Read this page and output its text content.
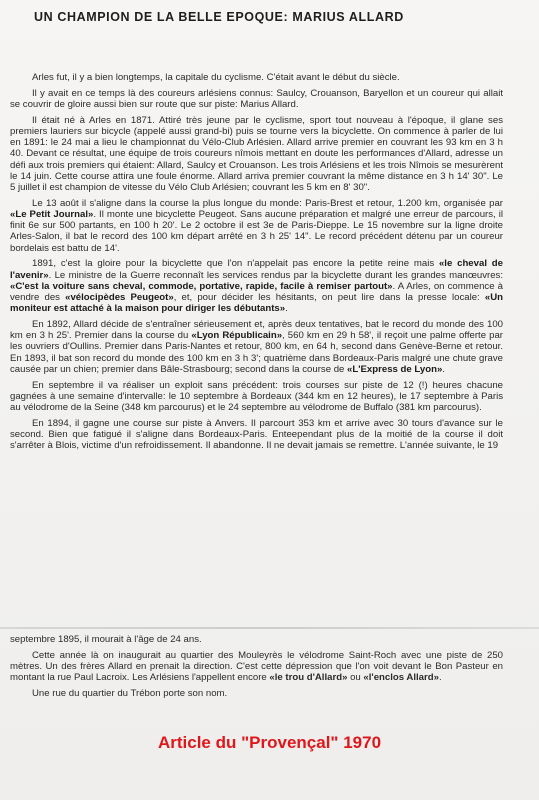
UN CHAMPION DE LA BELLE EPOQUE: MARIUS ALLARD

Arles fut, il y a bien longtemps, la capitale du cyclisme. C'était avant le début du siècle.

Il y avait en ce temps là des coureurs arlésiens connus: Saulcy, Crouanson, Baryellon et un coureur qui allait se couvrir de gloire aussi bien sur route que sur piste: Marius Allard.

Il était né à Arles en 1871. Attiré très jeune par le cyclisme, sport tout nouveau à l'époque, il glane ses premiers lauriers sur bicycle (appelé aussi grand-bi) puis se tourne vers la bicyclette. On commence à parler de lui en 1891: le 24 mai a lieu le championnat du Vélo-Club Arlésien. Allard arrive premier en couvrant les 93 km en 3 h 40. Devant ce résultat, une équipe de trois coureurs nîmois mettant en doute les performances d'Allard, adresse un défi aux trois premiers qui étaient: Allard, Saulcy et Crouanson. Les trois Arlésiens et les trois Nîmois se mesurèrent le 14 juin. Cette course attira une foule énorme. Allard arriva premier couvrant la même distance en 3 h 14' 30". Le 5 juillet il est champion de vitesse du Vélo Club Arlésien; couvrant les 5 km en 8' 30".

Le 13 août il s'aligne dans la course la plus longue du monde: Paris-Brest et retour, 1.200 km, organisée par «Le Petit Journal». Il monte une bicyclette Peugeot. Sans aucune préparation et malgré une erreur de parcours, il finit 6e sur 500 partants, en 100 h 20'. Le 2 octobre il est 3e de Paris-Dieppe. Le 15 novembre sur la ligne droite Arles-Salon, il bat le record des 100 km départ arrêté en 3 h 25' 14". Le record précédent détenu par un coureur bordelais est battu de 14'.

1891, c'est la gloire pour la bicyclette que l'on n'appelait pas encore la petite reine mais «le cheval de l'avenir». Le ministre de la Guerre reconnaît les services rendus par la bicyclette durant les grandes manœuvres: «C'est la voiture sans cheval, commode, portative, rapide, facile à remiser partout». A Arles, on commence à vendre des «vélocipèdes Peugeot», et, pour décider les hésitants, on peut lire dans la presse locale: «Un moniteur est attaché à la maison pour diriger les débutants».

En 1892, Allard décide de s'entraîner sérieusement et, après deux tentatives, bat le record du monde des 100 km en 3 h 25'. Premier dans la course du «Lyon Républicain», 560 km en 29 h 58', il reçoit une palme offerte par les ouvriers d'Oullins. Premier dans Paris-Nantes et retour, 800 km, en 64 h, second dans Genève-Berne et retour. En 1893, il bat son record du monde des 100 km en 3 h 3'; quatrième dans Bordeaux-Paris malgré une chute grave causée par un chien; premier dans Bâle-Strasbourg; second dans la course de «L'Express de Lyon».

En septembre il va réaliser un exploit sans précédent: trois courses sur piste de 12 (!) heures chacune gagnées à une semaine d'intervalle: le 10 septembre à Bordeaux (344 km en 12 heures), le 17 septembre à Paris au vélodrome de la Seine (348 km parcourus) et le 24 septembre au vélodrome de Buffalo (381 km parcourus).

En 1894, il gagne une course sur piste à Anvers. Il parcourt 353 km et arrive avec 30 tours d'avance sur le second. Bien que fatigué il s'aligne dans Bordeaux-Paris. Enteependant plus de la moitié de la course il doit s'arrêter à Blois, victime d'un refroidissement. Il abandonne. Il ne devait jamais se remettre. L'année suivante, le 19

septembre 1895, il mourait à l'âge de 24 ans.

Cette année là on inaugurait au quartier des Mouleyrès le vélodrome Saint-Roch avec une piste de 250 mètres. Un des frères Allard en prenait la direction. C'est cette dépression que l'on voit devant le Bon Pasteur en montant la rue Paul Lacroix. Les Arlésiens l'appellent encore «le trou d'Allard» ou «l'enclos Allard».

Une rue du quartier du Trébon porte son nom.

Article du "Provençal" 1970
